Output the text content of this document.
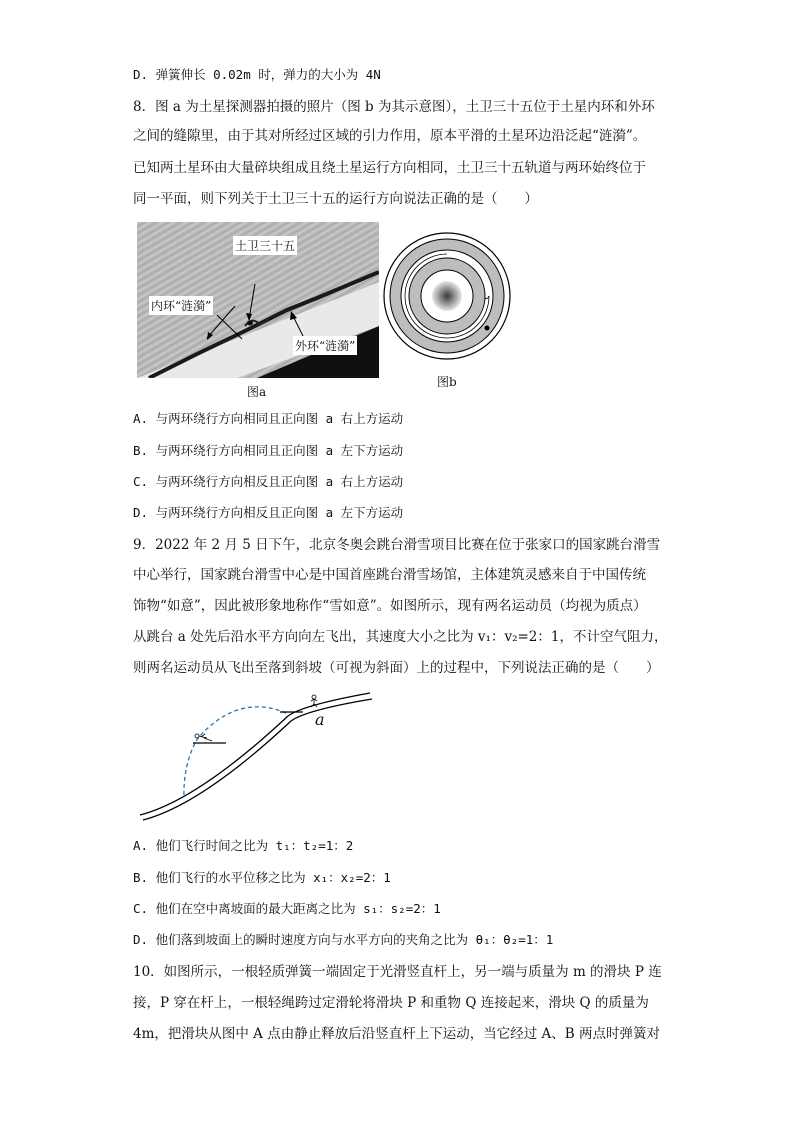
D. 弹簧伸长 0.02m 时，弹力的大小为 4N
8．图 a 为土星探测器拍摄的照片（图 b 为其示意图），土卫三十五位于土星内环和外环
之间的缝隙里，由于其对所经过区域的引力作用，原本平滑的土星环边沿泛起“涟漪”。
已知两土星环由大量碎块组成且绕土星运行方向相同，土卫三十五轨道与两环始终位于
同一平面，则下列关于土卫三十五的运行方向说法正确的是（　　）
土卫三十五
内环“涟漪”
外环“涟漪”
图a
图b
A. 与两环绕行方向相同且正向图 a 右上方运动
B. 与两环绕行方向相同且正向图 a 左下方运动
C. 与两环绕行方向相反且正向图 a 右上方运动
D. 与两环绕行方向相反且正向图 a 左下方运动
9．2022 年 2 月 5 日下午，北京冬奥会跳台滑雪项目比赛在位于张家口的国家跳台滑雪
中心举行，国家跳台滑雪中心是中国首座跳台滑雪场馆，主体建筑灵感来自于中国传统
饰物“如意”，因此被形象地称作“雪如意”。如图所示，现有两名运动员（均视为质点）
从跳台 a 处先后沿水平方向向左飞出，其速度大小之比为 v₁：v₂=2：1，不计空气阻力，
则两名运动员从飞出至落到斜坡（可视为斜面）上的过程中，下列说法正确的是（　　）
a
A. 他们飞行时间之比为 t₁：t₂=1：2
B. 他们飞行的水平位移之比为 x₁：x₂=2：1
C. 他们在空中离坡面的最大距离之比为 s₁：s₂=2：1
D. 他们落到坡面上的瞬时速度方向与水平方向的夹角之比为 θ₁：θ₂=1：1
10．如图所示，一根轻质弹簧一端固定于光滑竖直杆上，另一端与质量为 m 的滑块 P 连
接，P 穿在杆上，一根轻绳跨过定滑轮将滑块 P 和重物 Q 连接起来，滑块 Q 的质量为
4m，把滑块从图中 A 点由静止释放后沿竖直杆上下运动，当它经过 A、B 两点时弹簧对
